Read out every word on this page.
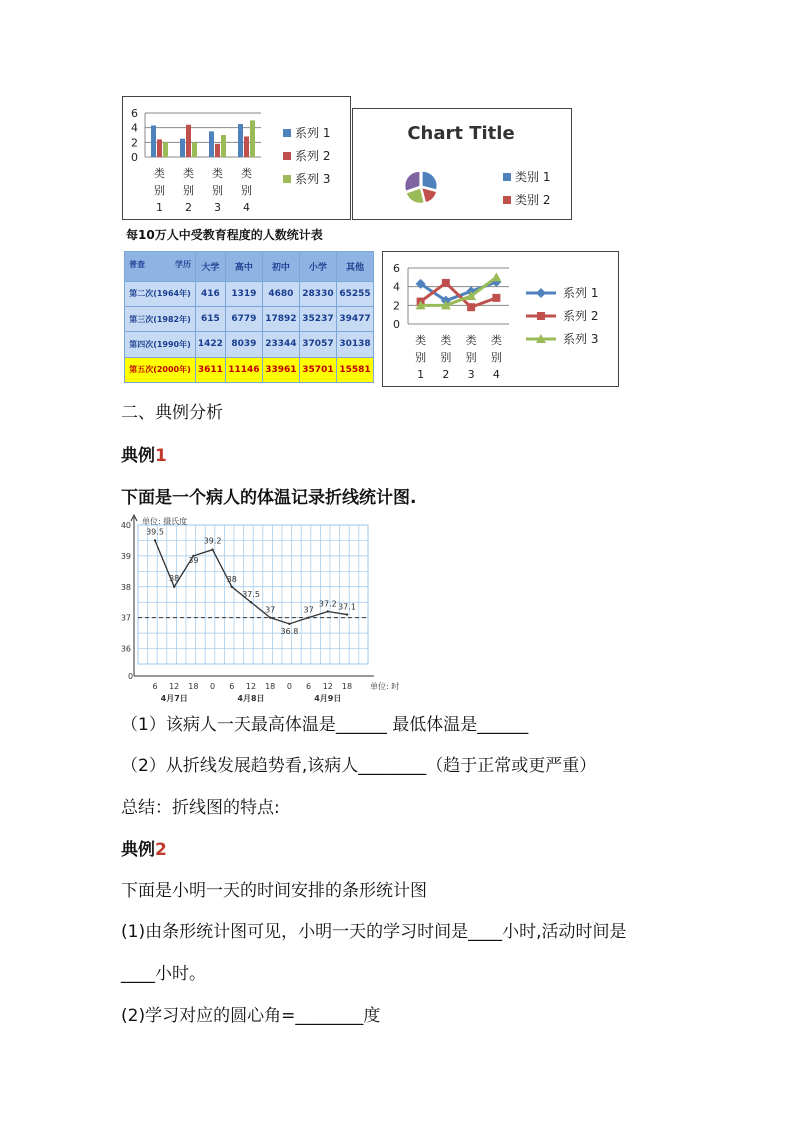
0
2
4
6
类
别
1
类
别
2
类
别
3
类
别
4
系列 1
系列 2
系列 3
Chart Title
类别 1
类别 2
每10万人中受教育程度的人数统计表
普查 学历	大学	高中	初中	小学	其他
第二次(1964年)	416	1319	4680	28330	65255
第三次(1982年)	615	6779	17892	35237	39477
第四次(1990年)	1422	8039	23344	37057	30138
第五次(2000年)	3611	11146	33961	35701	15581
0
2
4
6
类
别
1
类
别
2
类
别
3
类
别
4
系列 1
系列 2
系列 3
二、典例分析
典例1
下面是一个病人的体温记录折线统计图.
单位: 摄氏度
单位: 时
0
36
37
38
39
40
6 12 18 0 6 12 18 0 6 12 18
4月7日	4月8日	4月9日
39.5
38
39
39.2
38
37.5
37
36.8
37
37.2 37.1
（1）该病人一天最高体温是______ 最低体温是______
（2）从折线发展趋势看,该病人________（趋于正常或更严重）
总结：折线图的特点:
典例2
下面是小明一天的时间安排的条形统计图
(1)由条形统计图可见，小明一天的学习时间是____小时,活动时间是
____小时。
(2)学习对应的圆心角=________度
